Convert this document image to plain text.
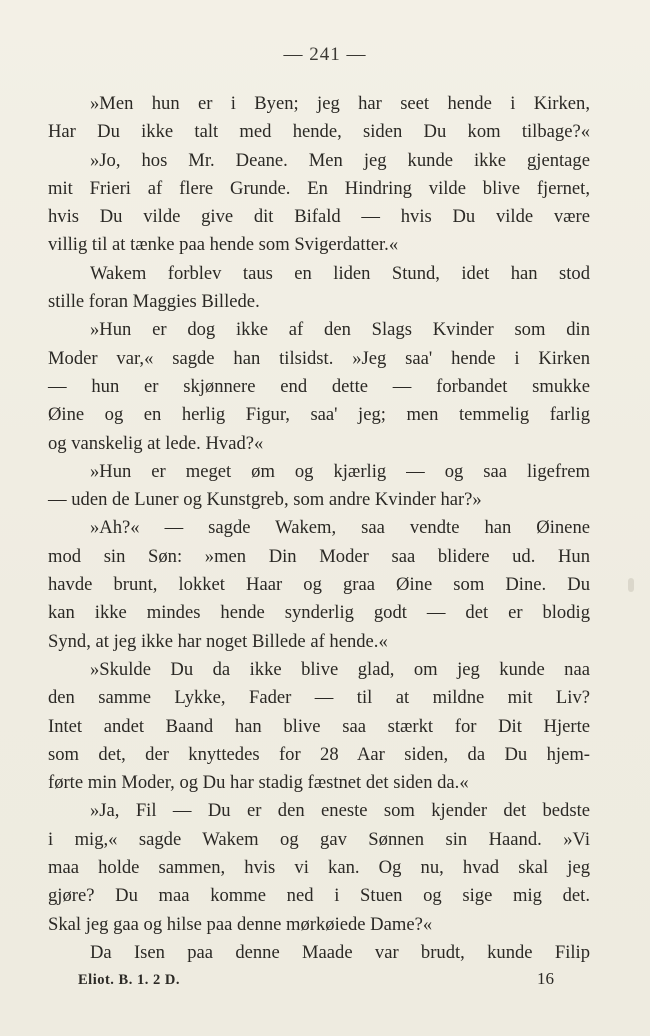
— 241 —
»Men hun er i Byen; jeg har seet hende i Kirken,
Har Du ikke talt med hende, siden Du kom tilbage?«
»Jo, hos Mr. Deane. Men jeg kunde ikke gjentage
mit Frieri af flere Grunde. En Hindring vilde blive fjernet,
hvis Du vilde give dit Bifald — hvis Du vilde være
villig til at tænke paa hende som Svigerdatter.«
Wakem forblev taus en liden Stund, idet han stod
stille foran Maggies Billede.
»Hun er dog ikke af den Slags Kvinder som din
Moder var,« sagde han tilsidst. »Jeg saa' hende i Kirken
— hun er skjønnere end dette — forbandet smukke
Øine og en herlig Figur, saa' jeg; men temmelig farlig
og vanskelig at lede. Hvad?«
»Hun er meget øm og kjærlig — og saa ligefrem
— uden de Luner og Kunstgreb, som andre Kvinder har?»
»Ah?« — sagde Wakem, saa vendte han Øinene
mod sin Søn: »men Din Moder saa blidere ud. Hun
havde brunt, lokket Haar og graa Øine som Dine. Du
kan ikke mindes hende synderlig godt — det er blodig
Synd, at jeg ikke har noget Billede af hende.«
»Skulde Du da ikke blive glad, om jeg kunde naa
den samme Lykke, Fader — til at mildne mit Liv?
Intet andet Baand han blive saa stærkt for Dit Hjerte
som det, der knyttedes for 28 Aar siden, da Du hjem-
førte min Moder, og Du har stadig fæstnet det siden da.«
»Ja, Fil — Du er den eneste som kjender det bedste
i mig,« sagde Wakem og gav Sønnen sin Haand. »Vi
maa holde sammen, hvis vi kan. Og nu, hvad skal jeg
gjøre? Du maa komme ned i Stuen og sige mig det.
Skal jeg gaa og hilse paa denne mørkøiede Dame?«
Da Isen paa denne Maade var brudt, kunde Filip
Eliot. B. 1. 2 D.	16
